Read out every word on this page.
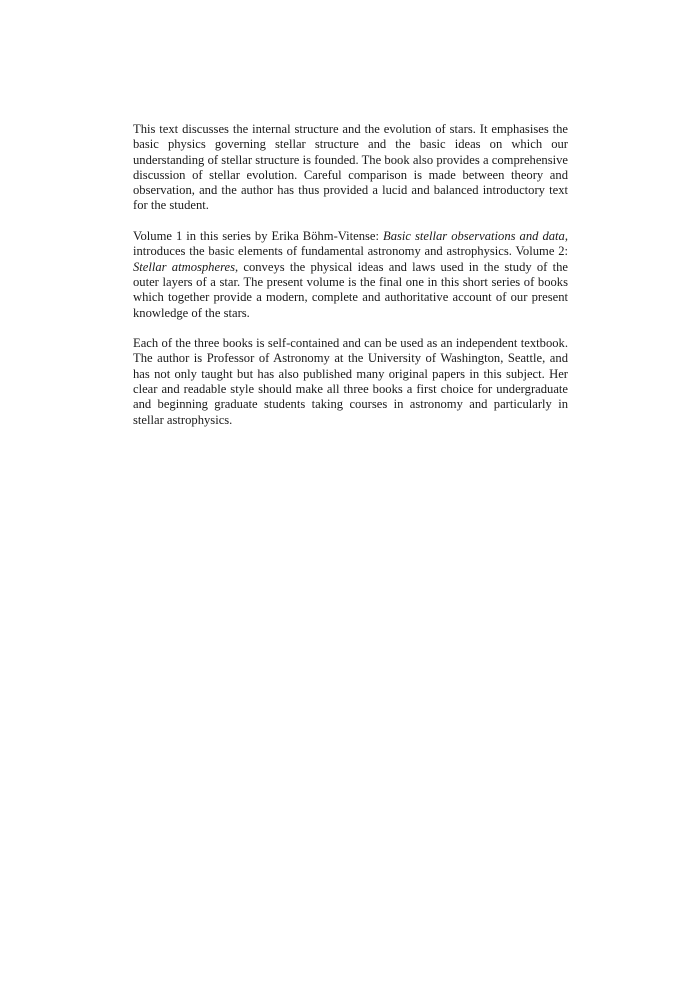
This text discusses the internal structure and the evolution of stars. It emphasises the basic physics governing stellar structure and the basic ideas on which our understanding of stellar structure is founded. The book also provides a comprehensive discussion of stellar evolution. Careful comparison is made between theory and observation, and the author has thus provided a lucid and balanced introductory text for the student.

Volume 1 in this series by Erika Böhm-Vitense: Basic stellar observations and data, introduces the basic elements of fundamental astronomy and astrophysics. Volume 2: Stellar atmospheres, conveys the physical ideas and laws used in the study of the outer layers of a star. The present volume is the final one in this short series of books which together provide a modern, complete and authoritative account of our present knowledge of the stars.

Each of the three books is self-contained and can be used as an independent textbook. The author is Professor of Astronomy at the University of Washington, Seattle, and has not only taught but has also published many original papers in this subject. Her clear and readable style should make all three books a first choice for undergraduate and beginning graduate students taking courses in astronomy and particularly in stellar astrophysics.
